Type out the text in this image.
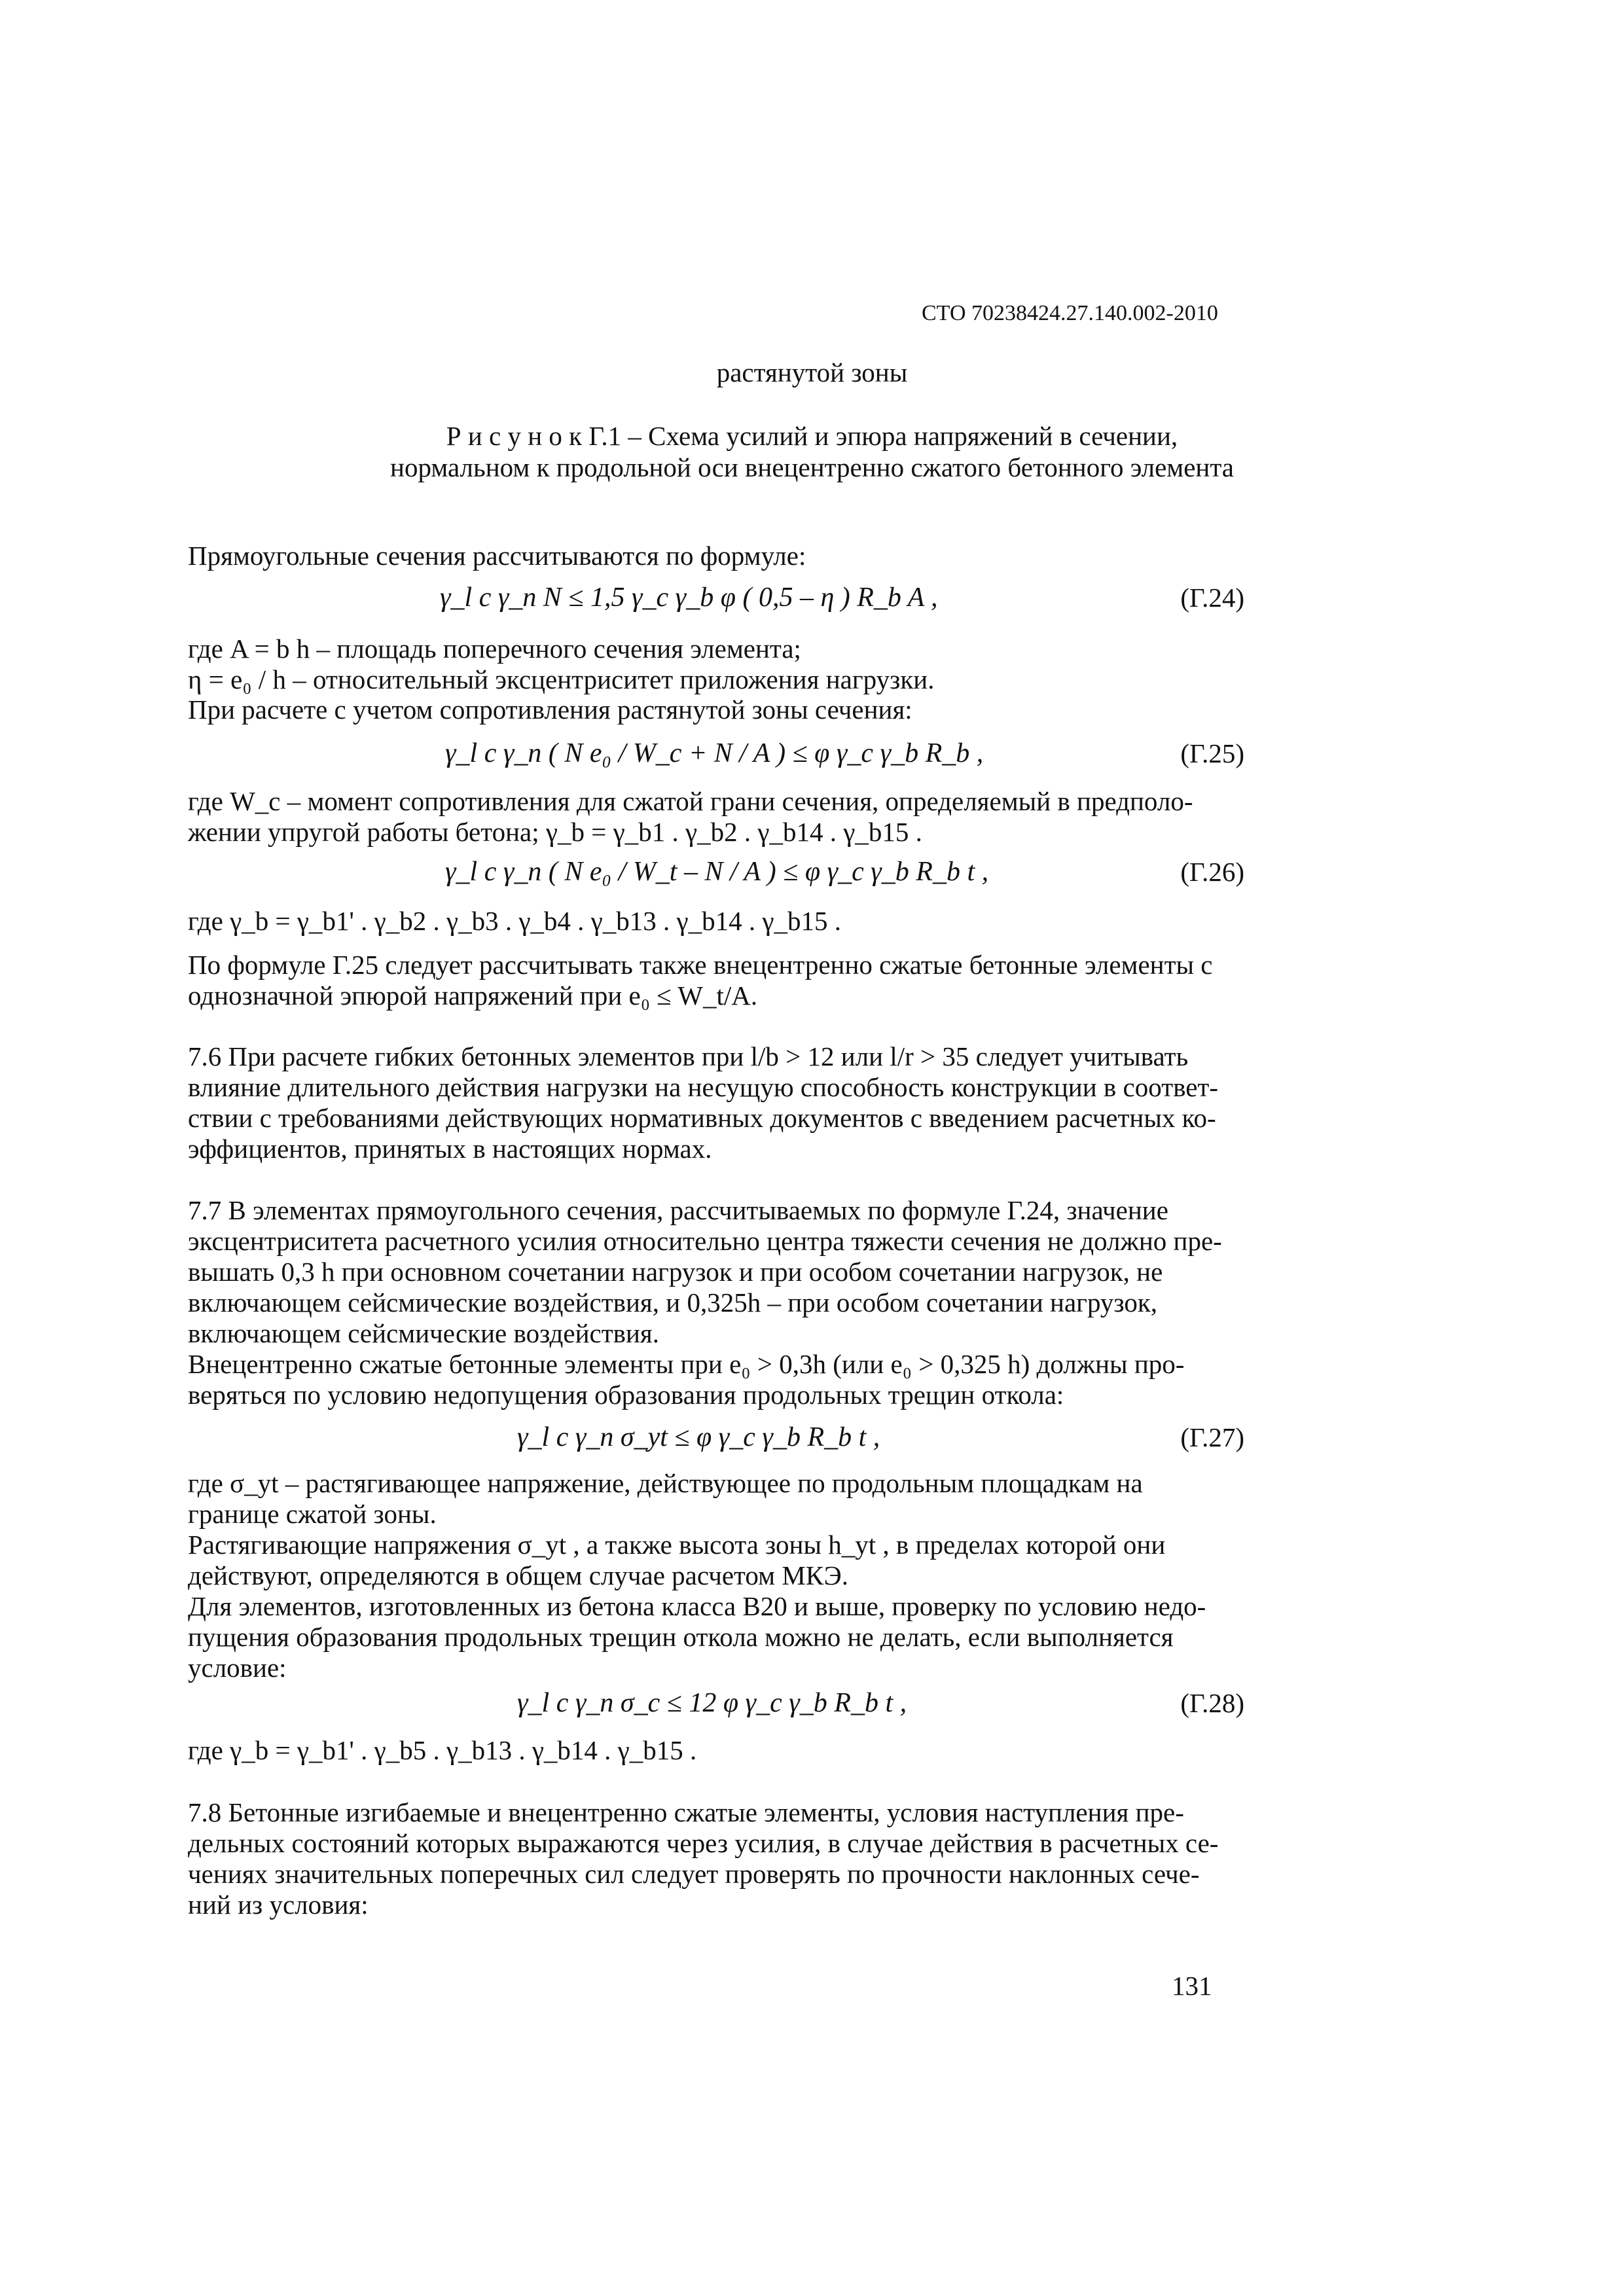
СТО 70238424.27.140.002-2010
растянутой зоны
Р и с у н о к Г.1 – Схема усилий и эпюра напряжений в сечении,
нормальном к продольной оси внецентренно сжатого бетонного элемента
Прямоугольные сечения рассчитываются по формуле:
γ_l c γ_n N ≤ 1,5 γ_c γ_b φ ( 0,5 – η ) R_b A ,	(Г.24)
где A = b h – площадь поперечного сечения элемента;
η = e₀ / h – относительный эксцентриситет приложения нагрузки.
При расчете с учетом сопротивления растянутой зоны сечения:
γ_l c γ_n ( N e₀ / W_c + N / A ) ≤ φ γ_c γ_b R_b ,	(Г.25)
где W_c – момент сопротивления для сжатой грани сечения, определяемый в предполо-
жении упругой работы бетона; γ_b = γ_b1 . γ_b2 . γ_b14 . γ_b15 .
γ_l c γ_n ( N e₀ / W_t – N / A ) ≤ φ γ_c γ_b R_b t ,	(Г.26)
где γ_b = γ_b1' . γ_b2 . γ_b3 . γ_b4 . γ_b13 . γ_b14 . γ_b15 .
По формуле Г.25 следует рассчитывать также внецентренно сжатые бетонные элементы с
однозначной эпюрой напряжений при e₀ ≤ W_t/A.
7.6 При расчете гибких бетонных элементов при l/b > 12 или l/r > 35 следует учитывать
влияние длительного действия нагрузки на несущую способность конструкции в соответ-
ствии с требованиями действующих нормативных документов с введением расчетных ко-
эффициентов, принятых в настоящих нормах.
7.7 В элементах прямоугольного сечения, рассчитываемых по формуле Г.24, значение
эксцентриситета расчетного усилия относительно центра тяжести сечения не должно пре-
вышать 0,3 h при основном сочетании нагрузок и при особом сочетании нагрузок, не
включающем сейсмические воздействия, и 0,325h – при особом сочетании нагрузок,
включающем сейсмические воздействия.
Внецентренно сжатые бетонные элементы при e₀ > 0,3h (или e₀ > 0,325 h) должны про-
веряться по условию недопущения образования продольных трещин откола:
γ_l c γ_n σ_yt ≤ φ γ_c γ_b R_b t ,	(Г.27)
где σ_yt – растягивающее напряжение, действующее по продольным площадкам на
границе сжатой зоны.
Растягивающие напряжения σ_yt , а также высота зоны h_yt , в пределах которой они
действуют, определяются в общем случае расчетом МКЭ.
Для элементов, изготовленных из бетона класса B20 и выше, проверку по условию недо-
пущения образования продольных трещин откола можно не делать, если выполняется
условие:
γ_l c γ_n σ_c ≤ 12 φ γ_c γ_b R_b t ,	(Г.28)
где γ_b = γ_b1' . γ_b5 . γ_b13 . γ_b14 . γ_b15 .
7.8 Бетонные изгибаемые и внецентренно сжатые элементы, условия наступления пре-
дельных состояний которых выражаются через усилия, в случае действия в расчетных се-
чениях значительных поперечных сил следует проверять по прочности наклонных сече-
ний из условия:
131
